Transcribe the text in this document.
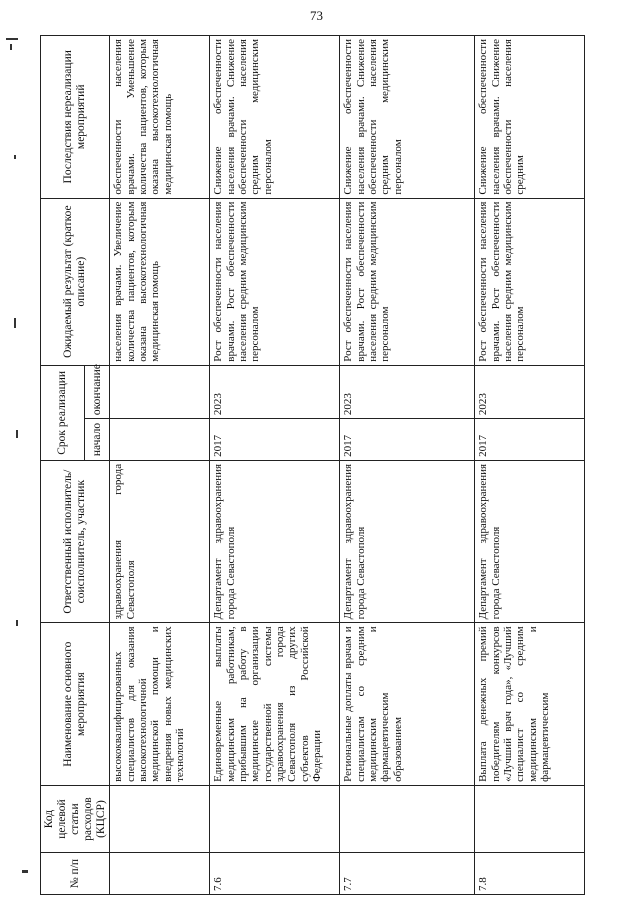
73
№ п/п	Код целевой статьи расходов (КЦСР)	Наименование основного мероприятия	Ответственный исполнитель/соисполнитель, участник	Срок реализации		Ожидаемый результат (краткое описание)	Последствия нереализации мероприятий
				начало	окончание		
		высококвалифицированных специалистов для оказания высокотехнологичной медицинской помощи и внедрения новых медицинских технологий	здравоохранения города Севастополя			населения врачами. Увеличение количества пациентов, которым оказана высокотехнологичная медицинская помощь	обеспеченности населения врачами. Уменьшение количества пациентов, которым оказана высокотехнологичная медицинская помощь
7.6		Единовременные выплаты медицинским работникам, прибывшим на работу в медицинские организации государственной системы здравоохранения города Севастополя из других субъектов Российской Федерации	Департамент здравоохранения города Севастополя	2017	2023	Рост обеспеченности населения врачами. Рост обеспеченности населения средним медицинским персоналом	Снижение обеспеченности населения врачами. Снижение обеспеченности населения средним медицинским персоналом
7.7		Региональные доплаты врачам и специалистам со средним медицинским и фармацевтическим образованием	Департамент здравоохранения города Севастополя	2017	2023	Рост обеспеченности населения врачами. Рост обеспеченности населения средним медицинским персоналом	Снижение обеспеченности населения врачами. Снижение обеспеченности населения средним медицинским персоналом
7.8		Выплата денежных премий победителям конкурсов «Лучший врач года», «Лучший специалист со средним медицинским и фармацевтическим	Департамент здравоохранения города Севастополя	2017	2023	Рост обеспеченности населения врачами. Рост обеспеченности населения средним медицинским персоналом	Снижение обеспеченности населения врачами. Снижение обеспеченности населения средним
